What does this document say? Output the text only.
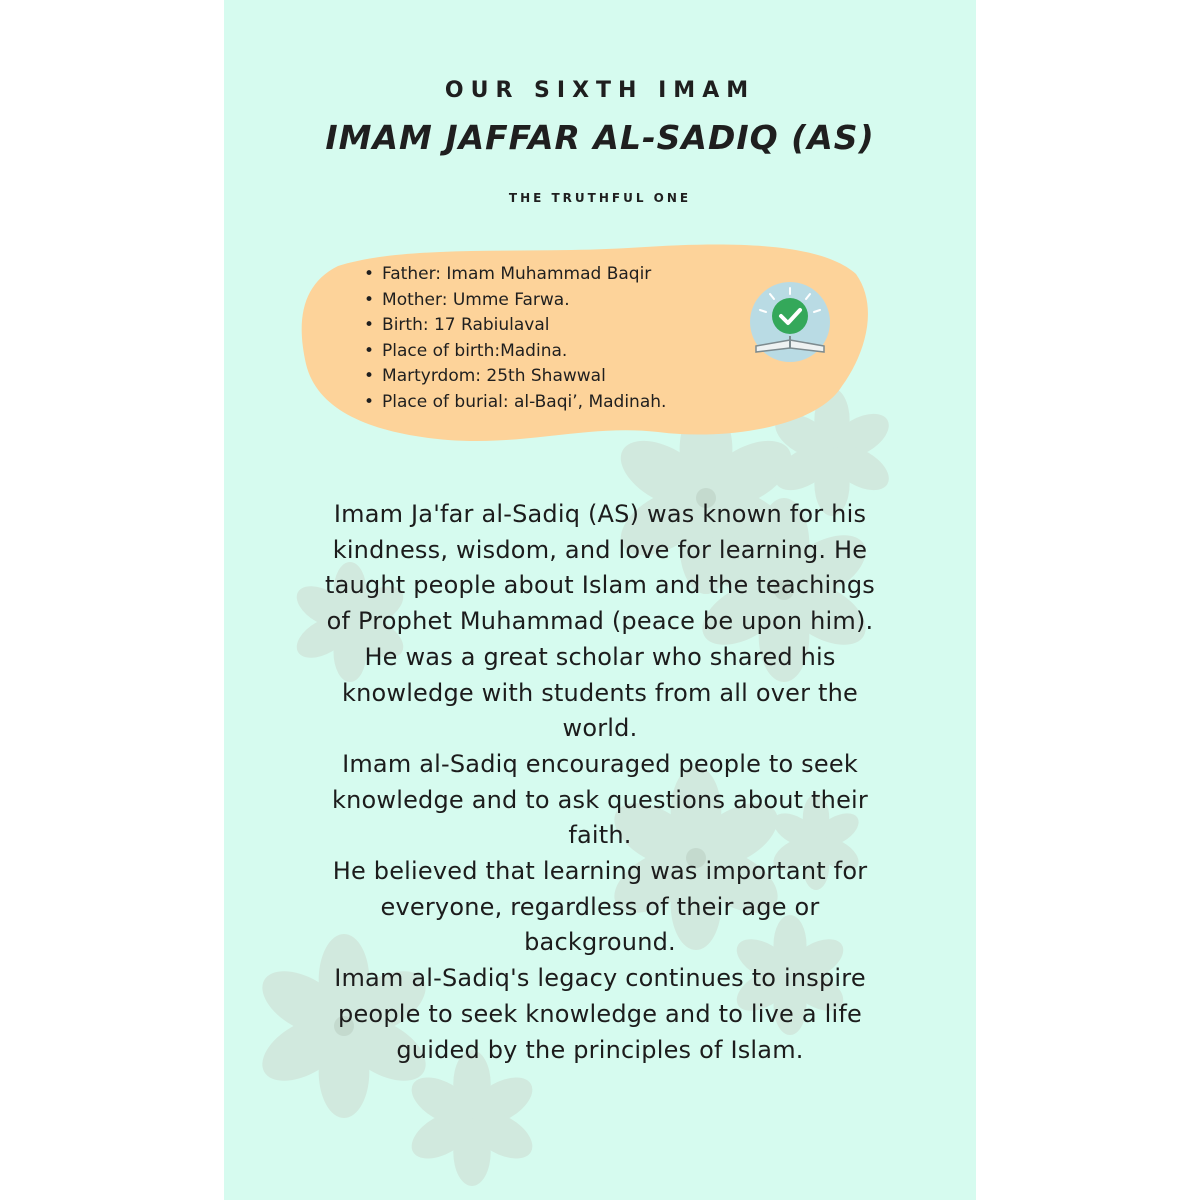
OUR SIXTH IMAM
IMAM JAFFAR AL-SADIQ (AS)
THE TRUTHFUL ONE
• Father: Imam Muhammad Baqir
• Mother: Umme Farwa.
• Birth: 17 Rabiulaval
• Place of birth:Madina.
• Martyrdom: 25th Shawwal
• Place of burial: al-Baqi’, Madinah.

Imam Ja'far al-Sadiq (AS) was known for his kindness, wisdom, and love for learning. He taught people about Islam and the teachings of Prophet Muhammad (peace be upon him). He was a great scholar who shared his knowledge with students from all over the world.

Imam al-Sadiq encouraged people to seek knowledge and to ask questions about their faith.

He believed that learning was important for everyone, regardless of their age or background.

Imam al-Sadiq's legacy continues to inspire people to seek knowledge and to live a life guided by the principles of Islam.
